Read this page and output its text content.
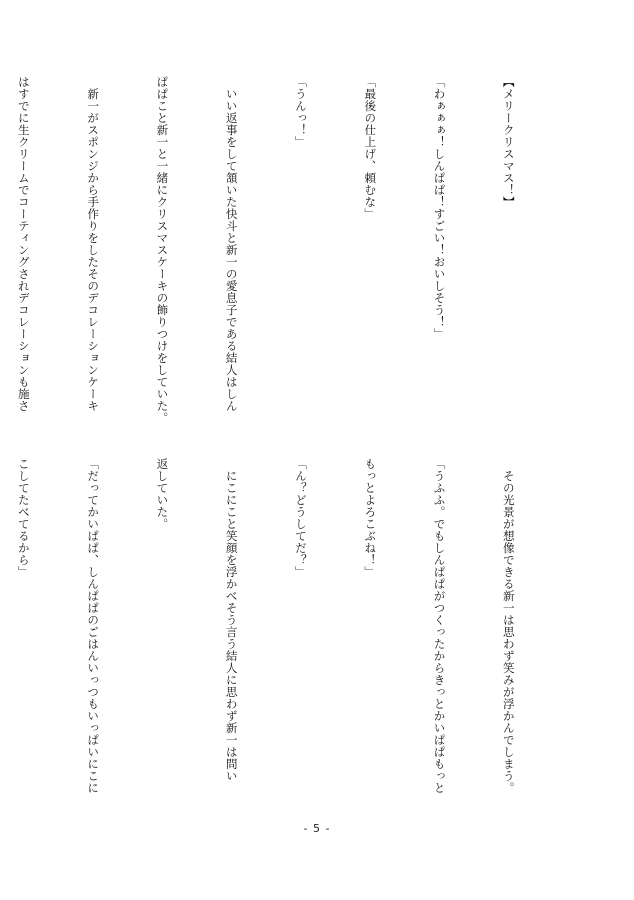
【メリークリスマス！】

「わぁぁぁ！しんぱぱ！すごい！おいしそう！」

「最後の仕上げ、頼むな」

「うんっ！」

　いい返事をして頷いた快斗と新一の愛息子である結人はしん

ぱぱこと新一と一緒にクリスマスケーキの飾りつけをしていた。

　新一がスポンジから手作りをしたそのデコレーションケーキ

はすでに生クリームでコーティングされデコレーションも施さ

　その光景が想像できる新一は思わず笑みが浮かんでしまう。

「うふふ。でもしんぱぱがつくったからきっとかいぱぱもっと

もっとよろこぶね！」

「ん？どうしてだ？」

　にこにこと笑顔を浮かべそう言う結人に思わず新一は問い

返していた。

「だってかいぱぱ、しんぱぱのごはんいっつもいっぱいにこに

こしてたべてるから」

- 5 -
